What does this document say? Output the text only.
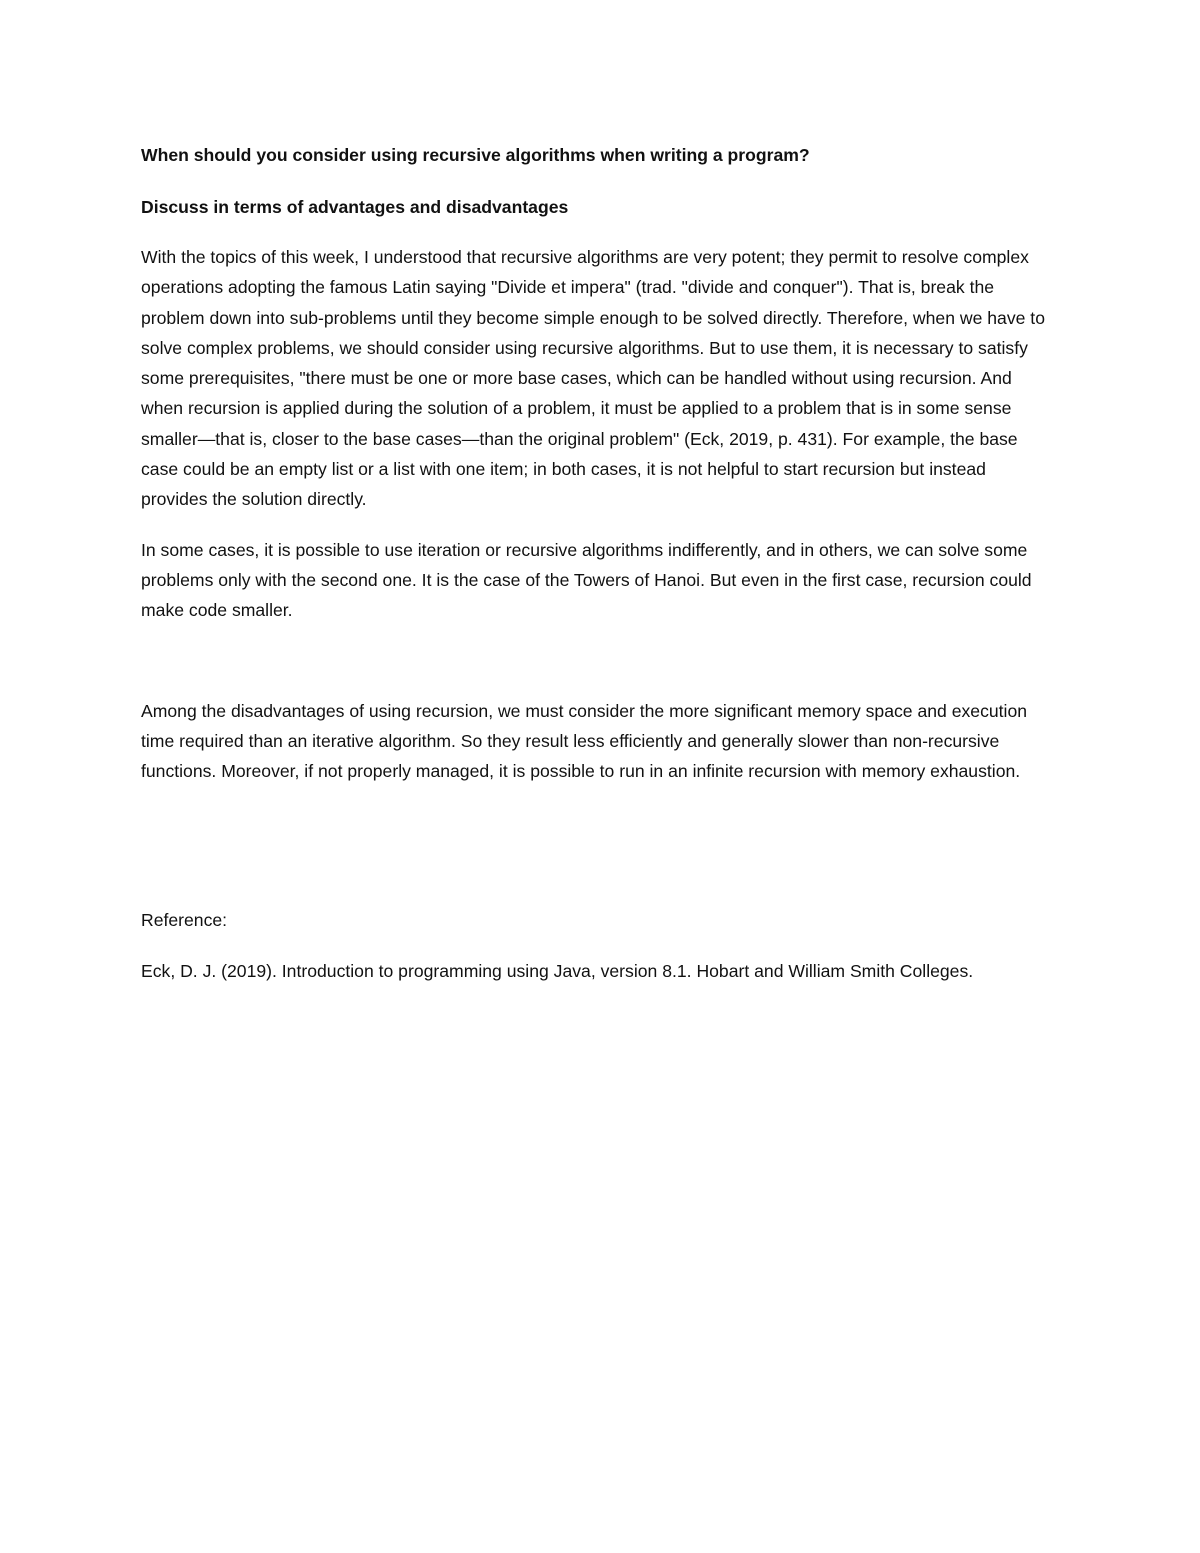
When should you consider using recursive algorithms when writing a program?

Discuss in terms of advantages and disadvantages

With the topics of this week, I understood that recursive algorithms are very potent; they permit to resolve complex operations adopting the famous Latin saying "Divide et impera" (trad. "divide and conquer"). That is, break the problem down into sub-problems until they become simple enough to be solved directly. Therefore, when we have to solve complex problems, we should consider using recursive algorithms. But to use them, it is necessary to satisfy some prerequisites, "there must be one or more base cases, which can be handled without using recursion. And when recursion is applied during the solution of a problem, it must be applied to a problem that is in some sense smaller—that is, closer to the base cases—than the original problem" (Eck, 2019, p. 431). For example, the base case could be an empty list or a list with one item; in both cases, it is not helpful to start recursion but instead provides the solution directly.

In some cases, it is possible to use iteration or recursive algorithms indifferently, and in others, we can solve some problems only with the second one. It is the case of the Towers of Hanoi. But even in the first case, recursion could make code smaller.

Among the disadvantages of using recursion, we must consider the more significant memory space and execution time required than an iterative algorithm. So they result less efficiently and generally slower than non-recursive functions. Moreover, if not properly managed, it is possible to run in an infinite recursion with memory exhaustion.

Reference:

Eck, D. J. (2019). Introduction to programming using Java, version 8.1. Hobart and William Smith Colleges.
